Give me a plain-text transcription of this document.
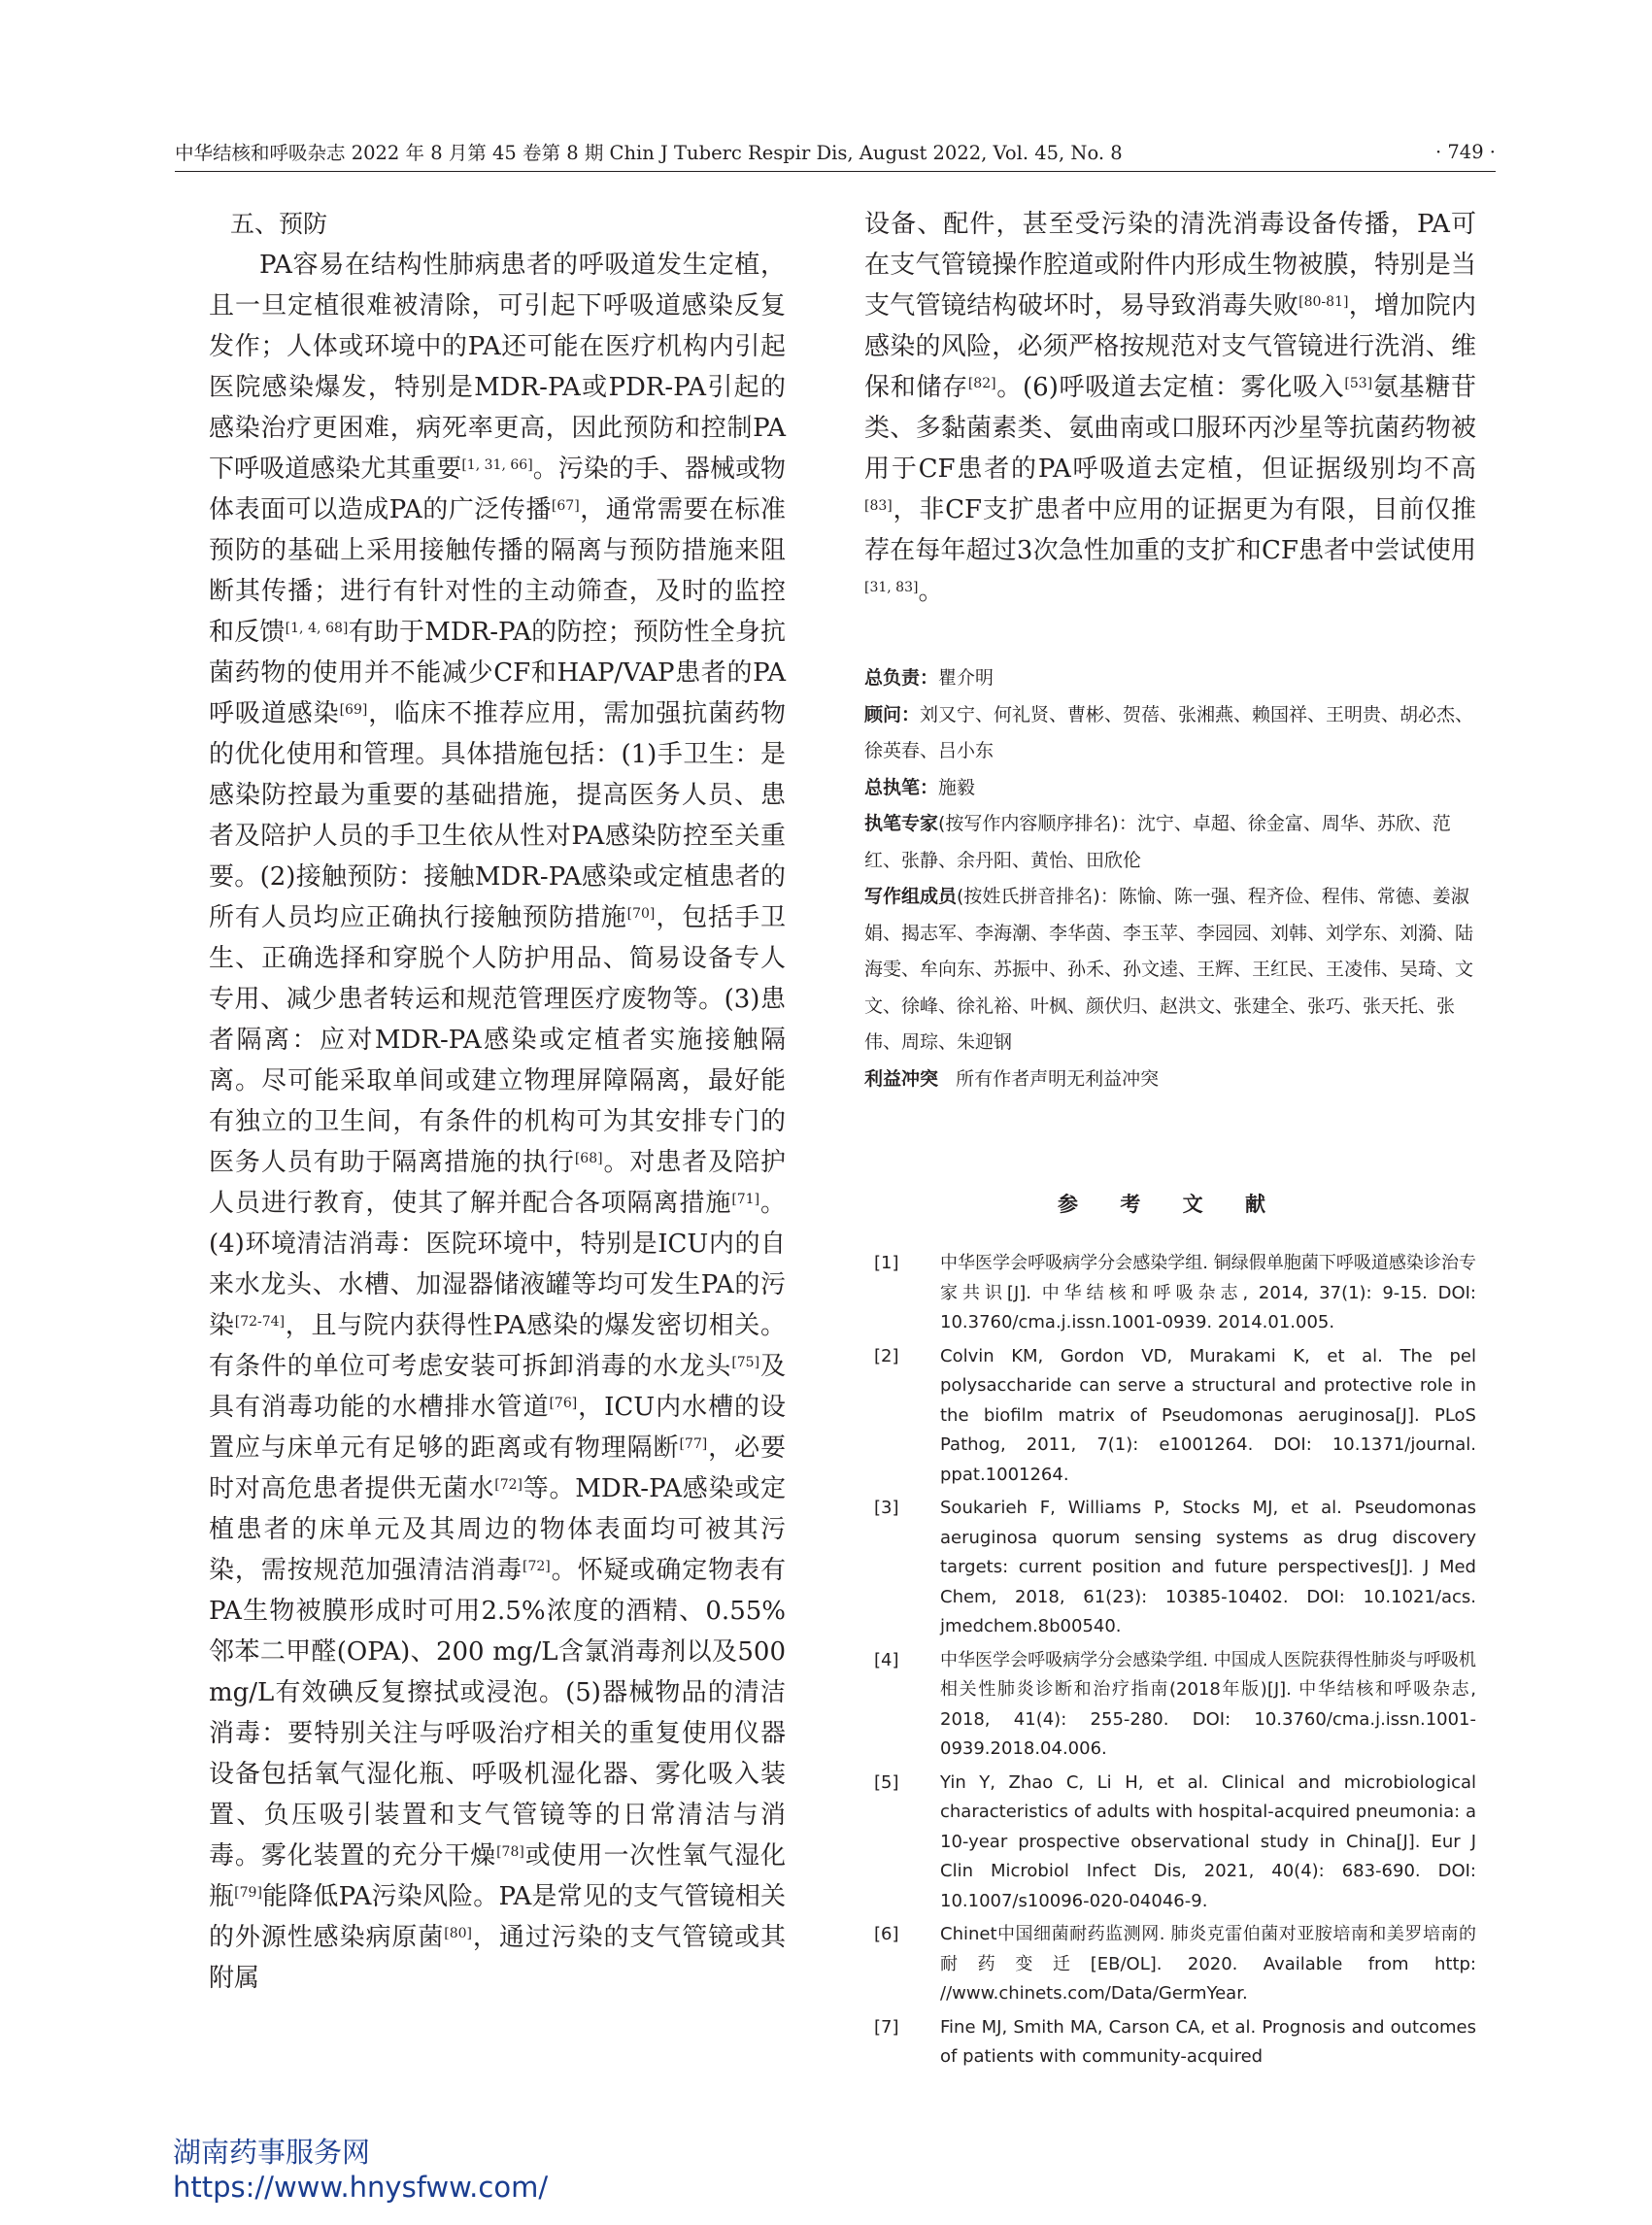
中华结核和呼吸杂志 2022 年 8 月第 45 卷第 8 期 Chin J Tuberc Respir Dis, August 2022, Vol. 45, No. 8	· 749 ·
五、预防

PA容易在结构性肺病患者的呼吸道发生定植，且一旦定植很难被清除，可引起下呼吸道感染反复发作；人体或环境中的PA还可能在医疗机构内引起医院感染爆发，特别是MDR-PA或PDR-PA引起的感染治疗更困难，病死率更高，因此预防和控制PA下呼吸道感染尤其重要[1, 31, 66]。污染的手、器械或物体表面可以造成PA的广泛传播[67]，通常需要在标准预防的基础上采用接触传播的隔离与预防措施来阻断其传播；进行有针对性的主动筛查，及时的监控和反馈[1, 4, 68]有助于MDR-PA的防控；预防性全身抗菌药物的使用并不能减少CF和HAP/VAP患者的PA呼吸道感染[69]，临床不推荐应用，需加强抗菌药物的优化使用和管理。具体措施包括：(1)手卫生：是感染防控最为重要的基础措施，提高医务人员、患者及陪护人员的手卫生依从性对PA感染防控至关重要。(2)接触预防：接触MDR-PA感染或定植患者的所有人员均应正确执行接触预防措施[70]，包括手卫生、正确选择和穿脱个人防护用品、简易设备专人专用、减少患者转运和规范管理医疗废物等。(3)患者隔离：应对MDR-PA感染或定植者实施接触隔离。尽可能采取单间或建立物理屏障隔离，最好能有独立的卫生间，有条件的机构可为其安排专门的医务人员有助于隔离措施的执行[68]。对患者及陪护人员进行教育，使其了解并配合各项隔离措施[71]。(4)环境清洁消毒：医院环境中，特别是ICU内的自来水龙头、水槽、加湿器储液罐等均可发生PA的污染[72-74]，且与院内获得性PA感染的爆发密切相关。有条件的单位可考虑安装可拆卸消毒的水龙头[75]及具有消毒功能的水槽排水管道[76]，ICU内水槽的设置应与床单元有足够的距离或有物理隔断[77]，必要时对高危患者提供无菌水[72]等。MDR-PA感染或定植患者的床单元及其周边的物体表面均可被其污染，需按规范加强清洁消毒[72]。怀疑或确定物表有PA生物被膜形成时可用2.5%浓度的酒精、0.55%邻苯二甲醛(OPA)、200 mg/L含氯消毒剂以及500 mg/L有效碘反复擦拭或浸泡。(5)器械物品的清洁消毒：要特别关注与呼吸治疗相关的重复使用仪器设备包括氧气湿化瓶、呼吸机湿化器、雾化吸入装置、负压吸引装置和支气管镜等的日常清洁与消毒。雾化装置的充分干燥[78]或使用一次性氧气湿化瓶[79]能降低PA污染风险。PA是常见的支气管镜相关的外源性感染病原菌[80]，通过污染的支气管镜或其附属

设备、配件，甚至受污染的清洗消毒设备传播，PA可在支气管镜操作腔道或附件内形成生物被膜，特别是当支气管镜结构破坏时，易导致消毒失败[80-81]，增加院内感染的风险，必须严格按规范对支气管镜进行洗消、维保和储存[82]。(6)呼吸道去定植：雾化吸入[53]氨基糖苷类、多黏菌素类、氨曲南或口服环丙沙星等抗菌药物被用于CF患者的PA呼吸道去定植，但证据级别均不高[83]，非CF支扩患者中应用的证据更为有限，目前仅推荐在每年超过3次急性加重的支扩和CF患者中尝试使用[31, 83]。

总负责：瞿介明
顾问：刘又宁、何礼贤、曹彬、贺蓓、张湘燕、赖国祥、王明贵、胡必杰、徐英春、吕小东
总执笔：施毅
执笔专家(按写作内容顺序排名)：沈宁、卓超、徐金富、周华、苏欣、范红、张静、余丹阳、黄怡、田欣伦
写作组成员(按姓氏拼音排名)：陈愉、陈一强、程齐俭、程伟、常德、姜淑娟、揭志军、李海潮、李华茵、李玉苹、李园园、刘韩、刘学东、刘漪、陆海雯、牟向东、苏振中、孙禾、孙文逵、王辉、王红民、王凌伟、吴琦、文文、徐峰、徐礼裕、叶枫、颜伏归、赵洪文、张建全、张巧、张天托、张伟、周琮、朱迎钢
利益冲突 所有作者声明无利益冲突
参 考 文 献
[1]	中华医学会呼吸病学分会感染学组. 铜绿假单胞菌下呼吸道感染诊治专家共识[J]. 中华结核和呼吸杂志, 2014, 37(1): 9-15. DOI: 10.3760/cma.j.issn.1001-0939. 2014.01.005.
[2]	Colvin KM, Gordon VD, Murakami K, et al. The pel polysaccharide can serve a structural and protective role in the biofilm matrix of Pseudomonas aeruginosa[J]. PLoS Pathog, 2011, 7(1): e1001264. DOI: 10.1371/journal. ppat.1001264.
[3]	Soukarieh F, Williams P, Stocks MJ, et al. Pseudomonas aeruginosa quorum sensing systems as drug discovery targets: current position and future perspectives[J]. J Med Chem, 2018, 61(23): 10385-10402. DOI: 10.1021/acs. jmedchem.8b00540.
[4]	中华医学会呼吸病学分会感染学组. 中国成人医院获得性肺炎与呼吸机相关性肺炎诊断和治疗指南(2018年版)[J]. 中华结核和呼吸杂志, 2018, 41(4): 255-280. DOI: 10.3760/cma.j.issn.1001-0939.2018.04.006.
[5]	Yin Y, Zhao C, Li H, et al. Clinical and microbiological characteristics of adults with hospital-acquired pneumonia: a 10-year prospective observational study in China[J]. Eur J Clin Microbiol Infect Dis, 2021, 40(4): 683-690. DOI: 10.1007/s10096-020-04046-9.
[6]	Chinet中国细菌耐药监测网. 肺炎克雷伯菌对亚胺培南和美罗培南的耐药变迁[EB/OL]. 2020. Available from http: //www.chinets.com/Data/GermYear.
[7]	Fine MJ, Smith MA, Carson CA, et al. Prognosis and outcomes of patients with community-acquired
湖南药事服务网
https://www.hnysfww.com/
